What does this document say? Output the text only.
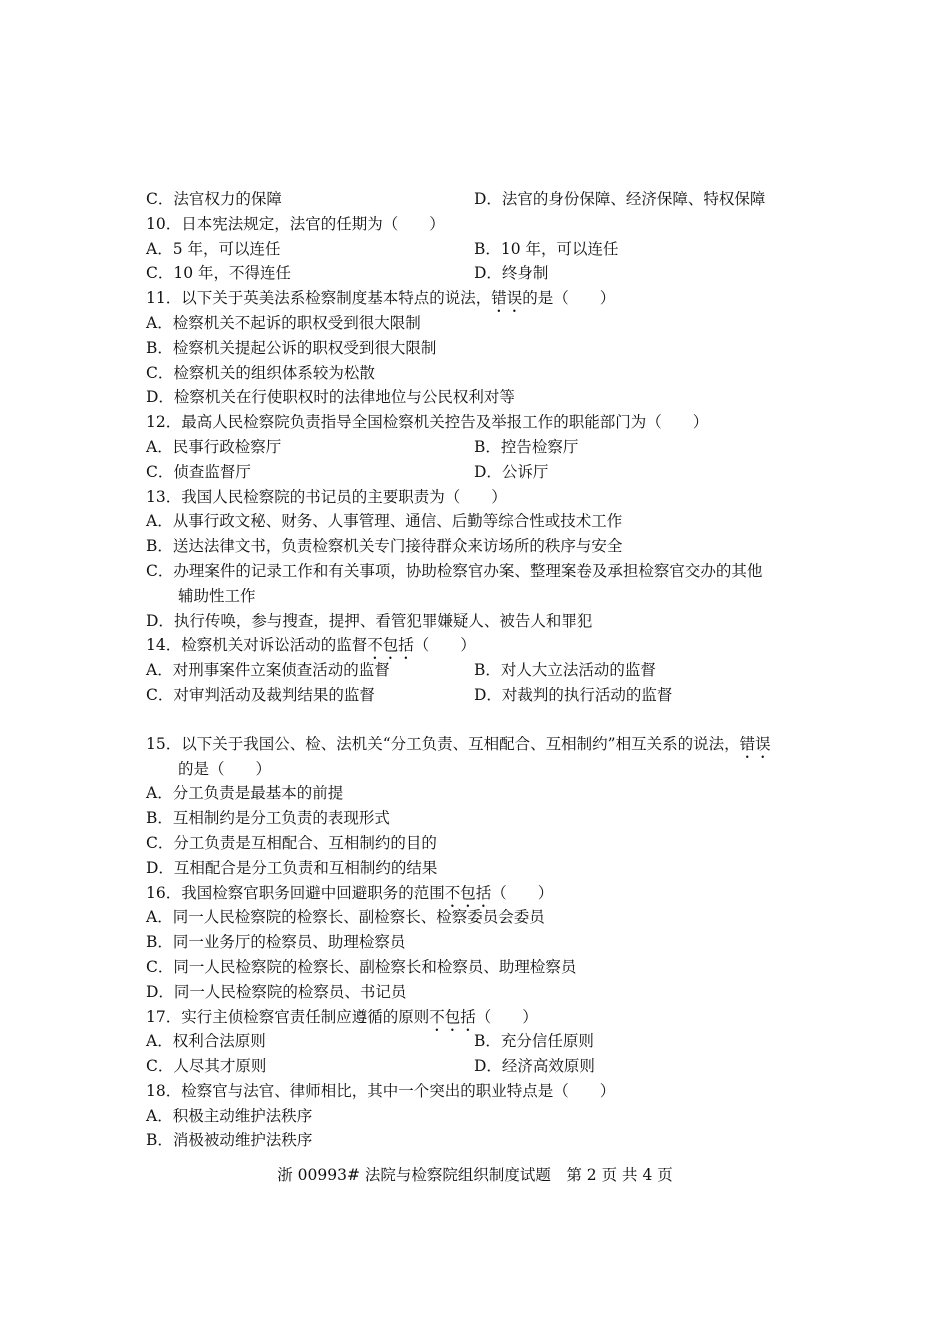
C．法官权力的保障	D．法官的身份保障、经济保障、特权保障
10．日本宪法规定，法官的任期为（　　）
A．5 年，可以连任	B．10 年，可以连任
C．10 年，不得连任	D．终身制
11．以下关于英美法系检察制度基本特点的说法，错误的是（　　）
A．检察机关不起诉的职权受到很大限制
B．检察机关提起公诉的职权受到很大限制
C．检察机关的组织体系较为松散
D．检察机关在行使职权时的法律地位与公民权利对等
12．最高人民检察院负责指导全国检察机关控告及举报工作的职能部门为（　　）
A．民事行政检察厅	B．控告检察厅
C．侦查监督厅	D．公诉厅
13．我国人民检察院的书记员的主要职责为（　　）
A．从事行政文秘、财务、人事管理、通信、后勤等综合性或技术工作
B．送达法律文书，负责检察机关专门接待群众来访场所的秩序与安全
C．办理案件的记录工作和有关事项，协助检察官办案、整理案卷及承担检察官交办的其他
辅助性工作
D．执行传唤，参与搜查，提押、看管犯罪嫌疑人、被告人和罪犯
14．检察机关对诉讼活动的监督不包括（　　）
A．对刑事案件立案侦查活动的监督	B．对人大立法活动的监督
C．对审判活动及裁判结果的监督	D．对裁判的执行活动的监督
15．以下关于我国公、检、法机关“分工负责、互相配合、互相制约”相互关系的说法，错误
的是（　　）
A．分工负责是最基本的前提
B．互相制约是分工负责的表现形式
C．分工负责是互相配合、互相制约的目的
D．互相配合是分工负责和互相制约的结果
16．我国检察官职务回避中回避职务的范围不包括（　　）
A．同一人民检察院的检察长、副检察长、检察委员会委员
B．同一业务厅的检察员、助理检察员
C．同一人民检察院的检察长、副检察长和检察员、助理检察员
D．同一人民检察院的检察员、书记员
17．实行主侦检察官责任制应遵循的原则不包括（　　）
A．权利合法原则	B．充分信任原则
C．人尽其才原则	D．经济高效原则
18．检察官与法官、律师相比，其中一个突出的职业特点是（　　）
A．积极主动维护法秩序
B．消极被动维护法秩序
浙 00993# 法院与检察院组织制度试题　第 2 页 共 4 页
